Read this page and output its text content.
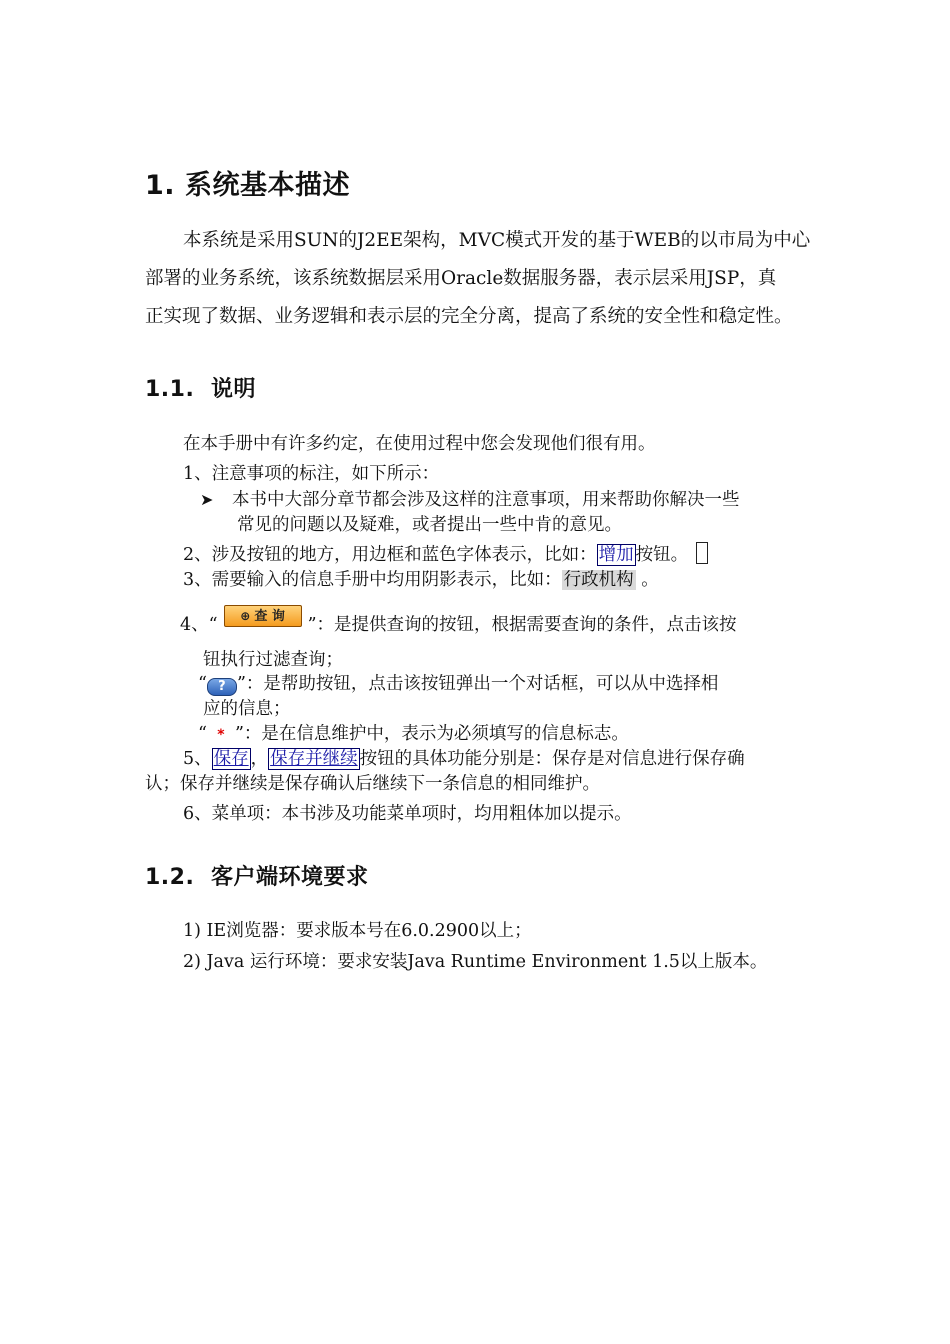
1. 系统基本描述
本系统是采用SUN的J2EE架构，MVC模式开发的基于WEB的以市局为中心
部署的业务系统，该系统数据层采用Oracle数据服务器，表示层采用JSP，真
正实现了数据、业务逻辑和表示层的完全分离，提高了系统的安全性和稳定性。
1.1. 说明
在本手册中有许多约定，在使用过程中您会发现他们很有用。
1、注意事项的标注，如下所示：
➤ 本书中大部分章节都会涉及这样的注意事项，用来帮助你解决一些
常见的问题以及疑难，或者提出一些中肯的意见。
2、涉及按钮的地方，用边框和蓝色字体表示，比如： 增加 按钮。
3、需要输入的信息手册中均用阴影表示，比如： 行政机构 。
4、“ ⊕ 查 询 ”：是提供查询的按钮，根据需要查询的条件，点击该按
钮执行过滤查询；
“ ? ”：是帮助按钮，点击该按钮弹出一个对话框，可以从中选择相
应的信息；
“ * ”：是在信息维护中，表示为必须填写的信息标志。
5、 保存 ， 保存并继续 按钮的具体功能分别是：保存是对信息进行保存确
认；保存并继续是保存确认后继续下一条信息的相同维护。
6、菜单项：本书涉及功能菜单项时，均用粗体加以提示。
1.2. 客户端环境要求
1) IE浏览器：要求版本号在6.0.2900以上；
2) Java 运行环境：要求安装Java Runtime Environment 1.5以上版本。
